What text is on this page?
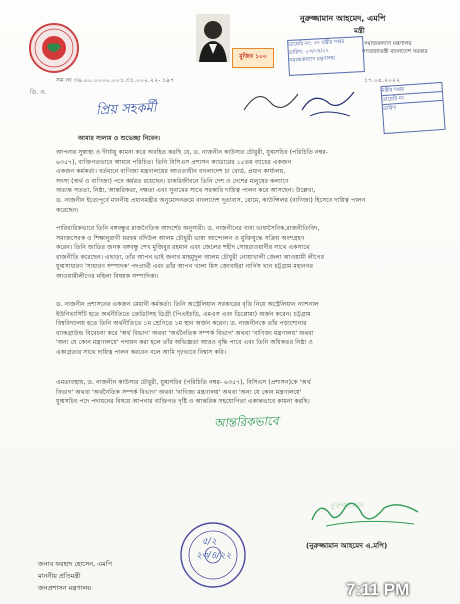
মুজিব ১০০
নুরুজ্জামান আহমেদ, এমপি
মন্ত্রী
সমাজকল্যাণ মন্ত্রণালয়
গণপ্রজাতন্ত্রী বাংলাদেশ সরকার
ডায়েরি নং: ৩৭ মন্ত্রীর দপ্তর
তারিখ: ২৩/০৪/২২
সমাজকল্যাণ মন্ত্রণালয়
সম নং ৩৯.০০.০০০০.০০১.৩১.০০২.২২- ১৯৭	১৭.০৪.২০২২
ডি. ও.	মন্ত্রীর দপ্তর
ডায়েরি নং
তারিখ
প্রিয় সহকর্মী
আমার সালাম ও শুভেচ্ছা নিবেন।
আপনার সুস্বাস্থ্য ও দীর্ঘায়ু কামনা করে অবহিত করছি যে, ড. নাজনীন কাউসার চৌধুরী, যুগ্মসচিব (পরিচিতি নম্বর-
৬৩৫৭), ব্যক্তিগতভাবে আমার পরিচিত। তিনি বিসিএস প্রশাসন ক্যাডারের ১৫তম ব্যাচের একজন
একজন কর্মকর্তা। বর্তমানে বাণিজ্য মন্ত্রণালয়ের আওতাধীন বাংলাদেশ চা বোর্ড, প্রধান কার্যালয়,
সদস্য (অর্থ ও বাণিজ্য) পদে কর্মরত রয়েছেন। চাকরিজীবনে তিনি দেশ ও দেশের মানুষের কল্যাণে
অত্যন্ত সততা, নিষ্ঠা, আন্তরিকতা, দক্ষতা এবং সুনামের সাথে সরকারি দায়িত্ব পালন করে আসছেন। উল্লেখ্য,
ড. নাজনীন ইতোপূর্বে মাননীয় প্রধানমন্ত্রীর অনুমোদনক্রমে বাংলাদেশ দূতাবাস, রোমে, কাউন্সিলর (বাণিজ্য) হিসেবে দায়িত্ব পালন
করেছেন।
পারিবারিকভাবে তিনি বঙ্গবন্ধুর রাজনৈতিক আদর্শের অনুসারী। ড. নাজনীনের বাবা ভাষাসৈনিক,রাজনীতিবিদ,
সমাজসেবক ও শিক্ষানুরাগী মরহুম বদিউল আলম চৌধুরী ভাষা আন্দোলন ও মুক্তিযুদ্ধে সক্রিয় অংশগ্রহণ
করেন। তিনি জাতির জনক বঙ্গবন্ধু শেখ মুজিবুর রহমান এবং জেলের শহীদ সোহরাওয়ার্দীর সাথে একসাথে
রাজনীতি করেছেন। এছাড়া, তাঁর আপন ভাই জনাব মাহমুদুল আলম চৌধুরী নোয়াখালী জেলা আওয়ামী লীগের
যুগ্মসাধারণ 'সাধারণ সম্পাদক' পদপ্রার্থী এবং তাঁর আপন খালা মিস জোবাইরা নার্গিস খান চট্টগ্রাম মহানগর
আওয়ামীলীগের মহিলা বিষয়ক সম্পাদিকা।
ড. নাজনীন প্রশাসনের একজন মেধাবী কর্মকর্তা। তিনি অস্ট্রেলিয়ান সরকারের বৃত্তি নিয়ে অস্ট্রেলিয়ান ন্যাশনাল
ইউনিভার্সিটি হতে অর্থনীতিতে ক্রেডিটসহ ডিগ্রী (পিএইচডি, এমএস এবং ডিপ্লোমা) অর্জন করেন। চট্টগ্রাম
বিশ্ববিদ্যালয় হতে তিনি অর্থনীতিতে ১ম শ্রেণিতে ১ম স্থান অর্জন করেন। ড. নাজনীনকে তাঁর পড়াশোনার
ব্যাকগ্রাউন্ড বিবেচনা করে 'অর্থ বিভাগ' অথবা 'অর্থনৈতিক সম্পর্ক বিভাগ' অথবা 'বাণিজ্য মন্ত্রণালয়' অথবা
'অন্য যে কোন মন্ত্রণালয়ে' পদায়ন করা হলে তাঁর অভিজ্ঞতা আরও বৃদ্ধি পাবে এবং তিনি অধিকতর নিষ্ঠা ও
একাগ্রতার সাথে দায়িত্ব পালন করবেন বলে আমি দৃঢ়ভাবে বিশ্বাস করি।
এমতাবস্থায়, ড. নাজনীন কাউসার চৌধুরী, যুগ্মসচিব (পরিচিতি নম্বর- ৬৩৫৭), বিসিএস (প্রশাসন)কে 'অর্থ
বিভাগ' অথবা 'অর্থনৈতিক সম্পর্ক বিভাগ' অথবা 'বাণিজ্য মন্ত্রণালয়' অথবা 'অন্য যে কোন মন্ত্রণালয়ে'
যুগ্মসচিব পদে পদায়নের বিষয়ে আপনার ব্যক্তিগত দৃষ্টি ও আন্তরিক সহযোগিতা একান্তভাবে কামনা করছি।
আন্তরিকভাবে
নুরুজ্জামান
(নুরুজ্জামান আহমেদ এ.মপি)
৫/২
২৩/৪/২২
জনাব ফরহাদ হোসেন, এমপি
মাননীয় প্রতিমন্ত্রী
জনপ্রশাসন মন্ত্রণালয়	7:11 PM
